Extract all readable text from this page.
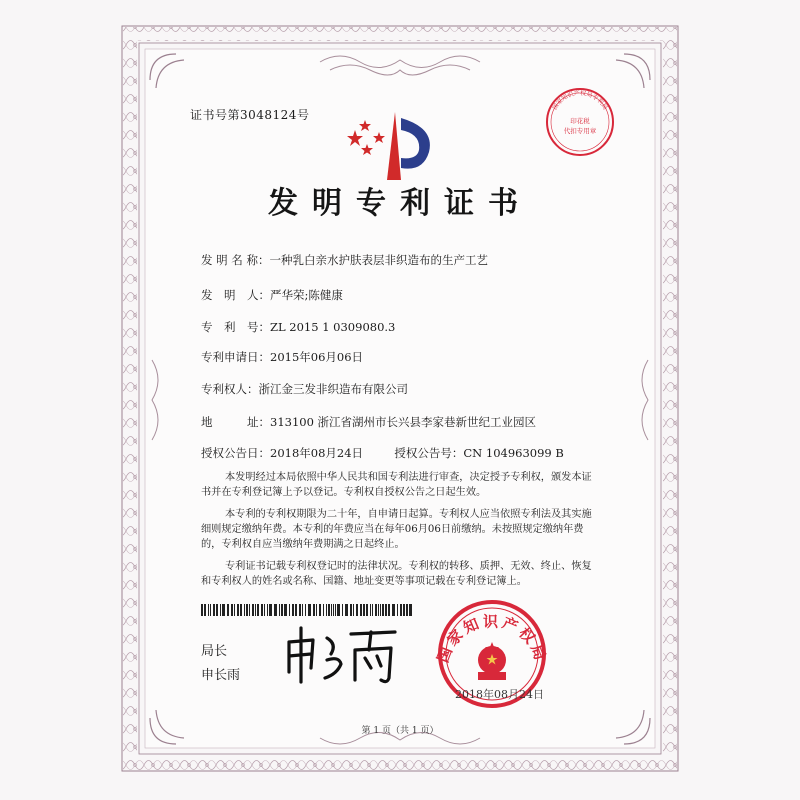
证书号第3048124号
国家知识产权局专利局
印花税
代扣专用章
发明专利证书
发 明 名 称：一种乳白亲水护肤表层非织造布的生产工艺
发　明　人：严华荣;陈健康
专　利　号：ZL 2015 1 0309080.3
专利申请日：2015年06月06日
专利权人：浙江金三发非织造布有限公司
地　　　址：313100 浙江省湖州市长兴县李家巷新世纪工业园区
授权公告日：2018年08月24日	授权公告号：CN 104963099 B

本发明经过本局依照中华人民共和国专利法进行审查，决定授予专利权，颁发本证书并在专利登记簿上予以登记。专利权自授权公告之日起生效。

本专利的专利权期限为二十年，自申请日起算。专利权人应当依照专利法及其实施细则规定缴纳年费。本专利的年费应当在每年06月06日前缴纳。未按照规定缴纳年费的，专利权自应当缴纳年费期满之日起终止。

专利证书记载专利权登记时的法律状况。专利权的转移、质押、无效、终止、恢复和专利权人的姓名或名称、国籍、地址变更等事项记载在专利登记簿上。

局长
申长雨
国家知识产权局
2018年08月24日
第 1 页（共 1 页）
